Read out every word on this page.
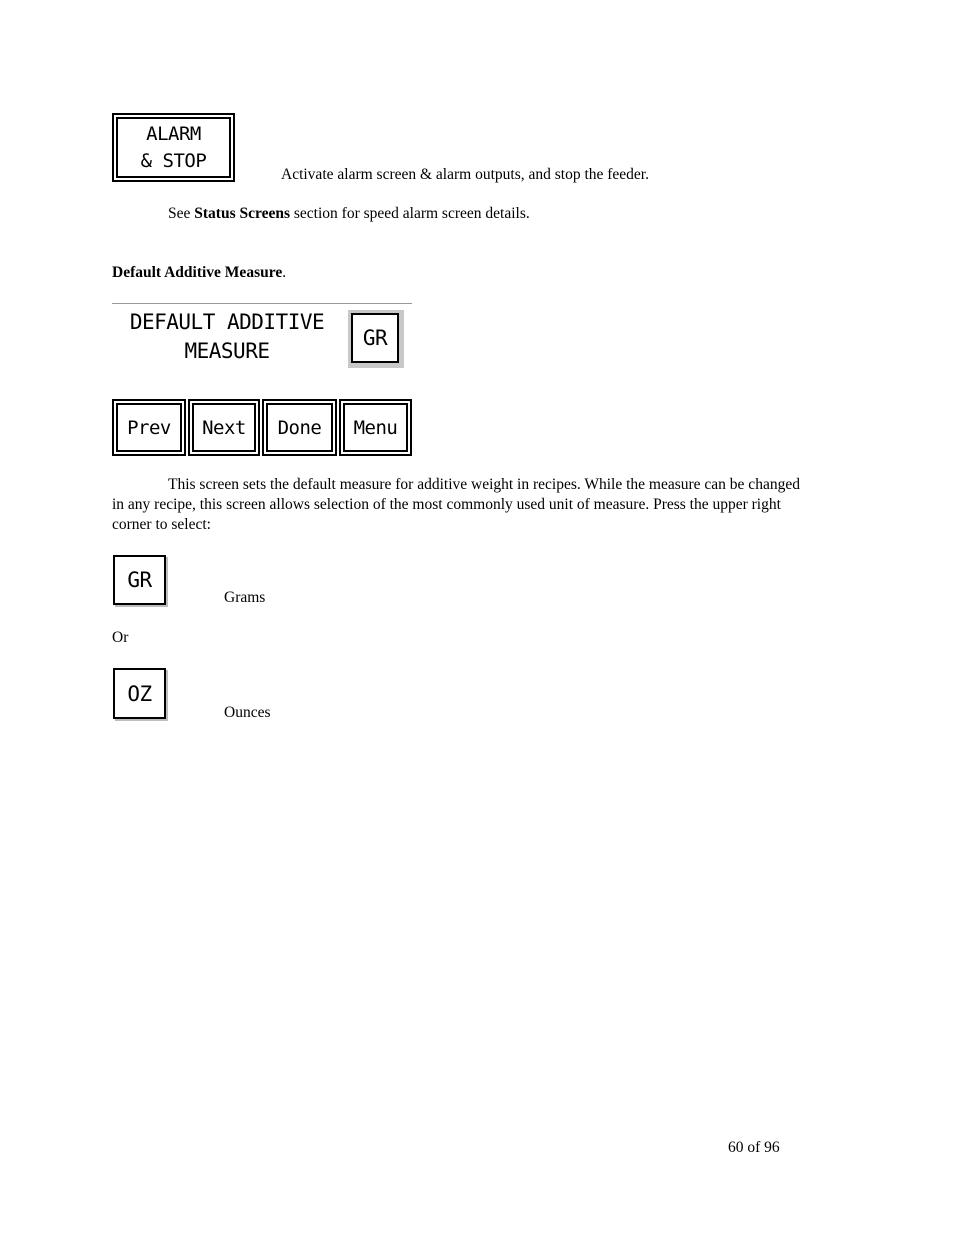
ALARM
& STOP
Activate alarm screen & alarm outputs, and stop the feeder.
See Status Screens section for speed alarm screen details.
Default Additive Measure.
DEFAULT ADDITIVE
MEASURE
GR
Prev Next Done Menu
This screen sets the default measure for additive weight in recipes. While the measure can be changed
in any recipe, this screen allows selection of the most commonly used unit of measure. Press the upper right
corner to select:
GR
Grams
Or
OZ
Ounces
60 of 96
